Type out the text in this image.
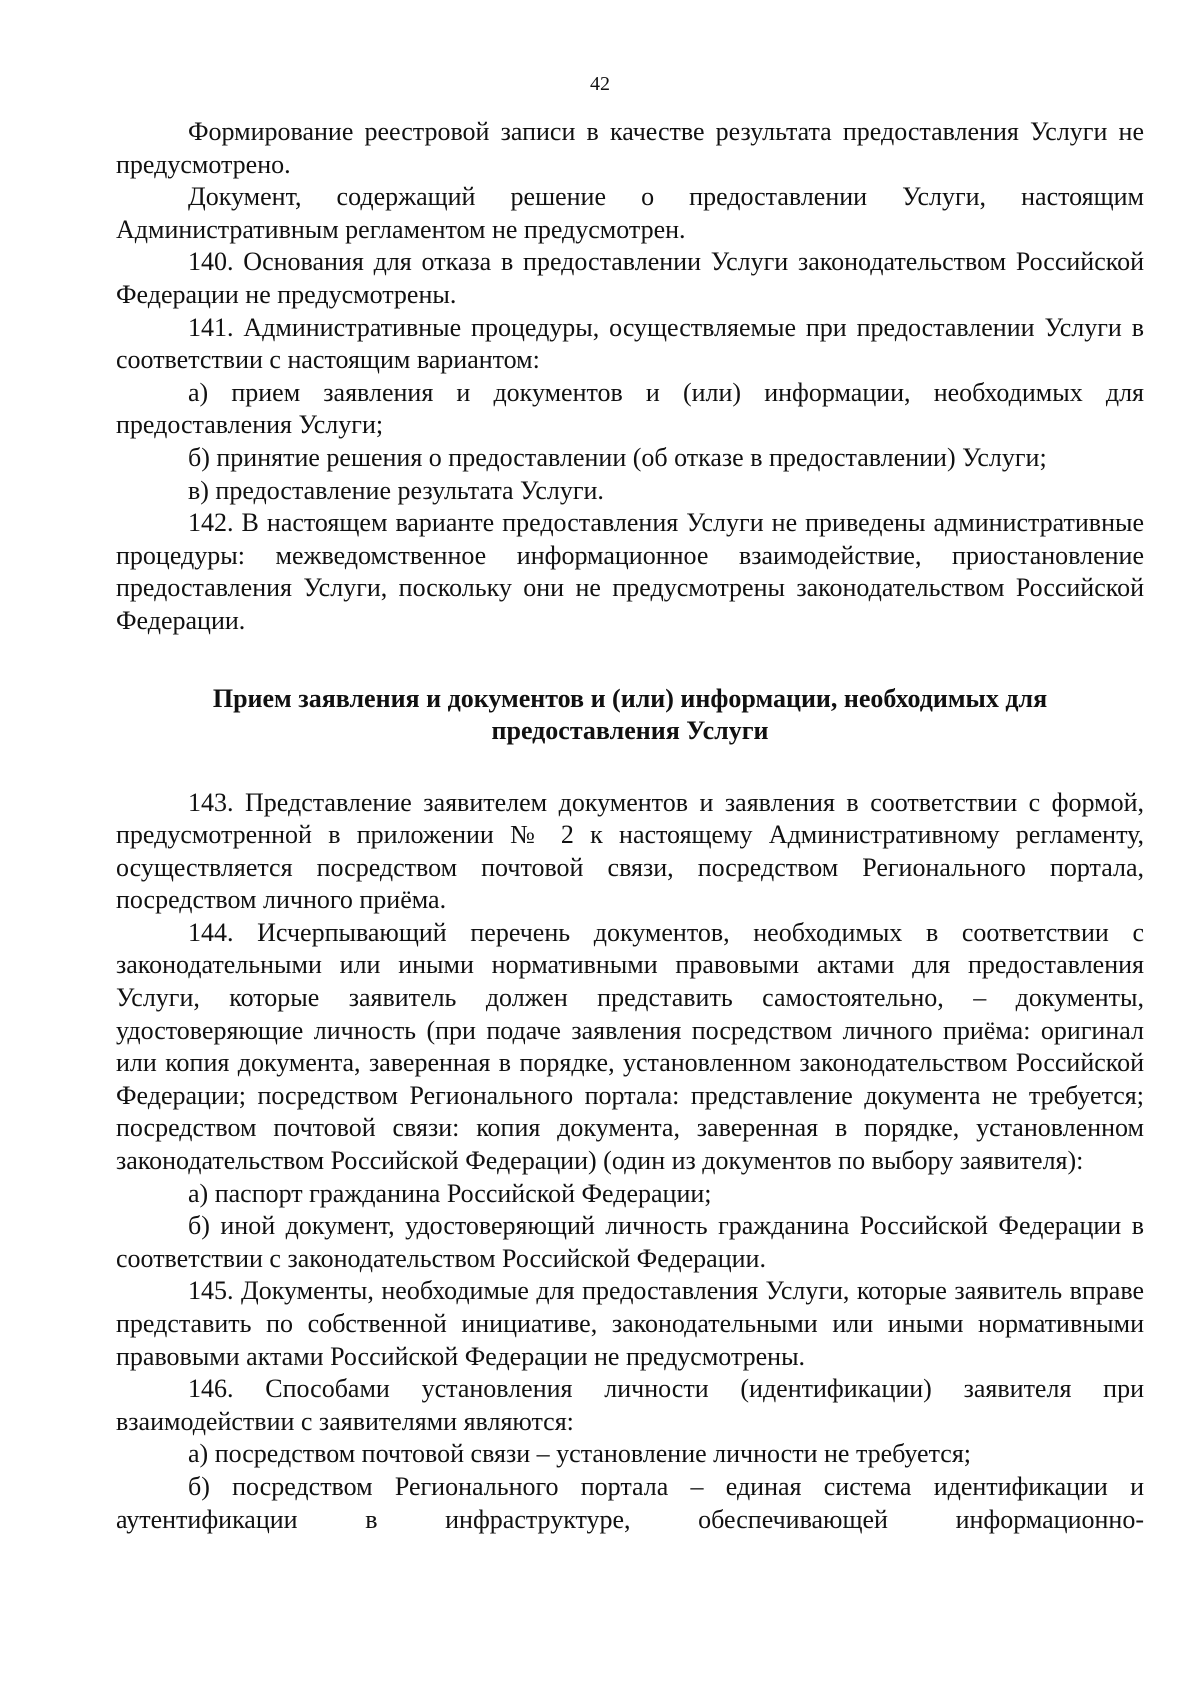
42

Формирование реестровой записи в качестве результата предоставления Услуги не предусмотрено.

Документ, содержащий решение о предоставлении Услуги, настоящим Административным регламентом не предусмотрен.

140. Основания для отказа в предоставлении Услуги законодательством Российской Федерации не предусмотрены.

141. Административные процедуры, осуществляемые при предоставлении Услуги в соответствии с настоящим вариантом:

а) прием заявления и документов и (или) информации, необходимых для предоставления Услуги;

б) принятие решения о предоставлении (об отказе в предоставлении) Услуги;

в) предоставление результата Услуги.

142. В настоящем варианте предоставления Услуги не приведены административные процедуры: межведомственное информационное взаимодействие, приостановление предоставления Услуги, поскольку они не предусмотрены законодательством Российской Федерации.

Прием заявления и документов и (или) информации, необходимых для предоставления Услуги

143. Представление заявителем документов и заявления в соответствии с формой, предусмотренной в приложении № 2 к настоящему Административному регламенту, осуществляется посредством почтовой связи, посредством Регионального портала, посредством личного приёма.

144. Исчерпывающий перечень документов, необходимых в соответствии с законодательными или иными нормативными правовыми актами для предоставления Услуги, которые заявитель должен представить самостоятельно, – документы, удостоверяющие личность (при подаче заявления посредством личного приёма: оригинал или копия документа, заверенная в порядке, установленном законодательством Российской Федерации; посредством Регионального портала: представление документа не требуется; посредством почтовой связи: копия документа, заверенная в порядке, установленном законодательством Российской Федерации) (один из документов по выбору заявителя):

а) паспорт гражданина Российской Федерации;

б) иной документ, удостоверяющий личность гражданина Российской Федерации в соответствии с законодательством Российской Федерации.

145. Документы, необходимые для предоставления Услуги, которые заявитель вправе представить по собственной инициативе, законодательными или иными нормативными правовыми актами Российской Федерации не предусмотрены.

146. Способами установления личности (идентификации) заявителя при взаимодействии с заявителями являются:

а) посредством почтовой связи – установление личности не требуется;

б) посредством Регионального портала – единая система идентификации и аутентификации в инфраструктуре, обеспечивающей информационно-
